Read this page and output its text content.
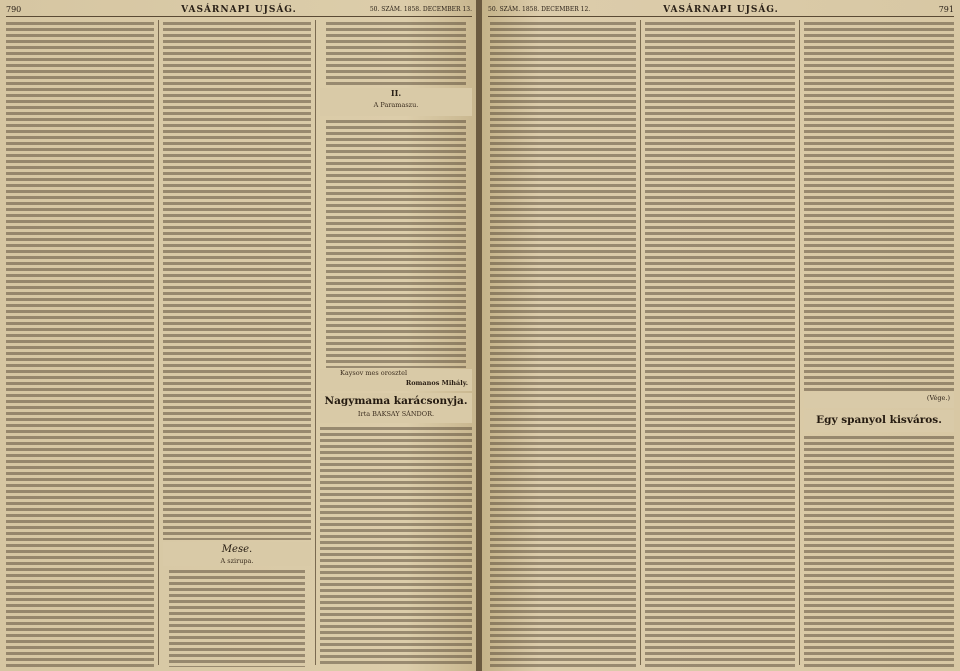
790	VASÁRNAPI UJSÁG.	50. SZÁM. 1858. DECEMBER 13.
Mese.
A szirupa.
II.
A Paramaszu.
Kaysov mes orosztel
Romanos Mihály.
Nagymama karácsonyja.
Irta BAKSAY SÁNDOR.
50. SZÁM. 1858. DECEMBER 12.	VASÁRNAPI UJSÁG.	791
(Vége.)
Egy spanyol kisváros.
